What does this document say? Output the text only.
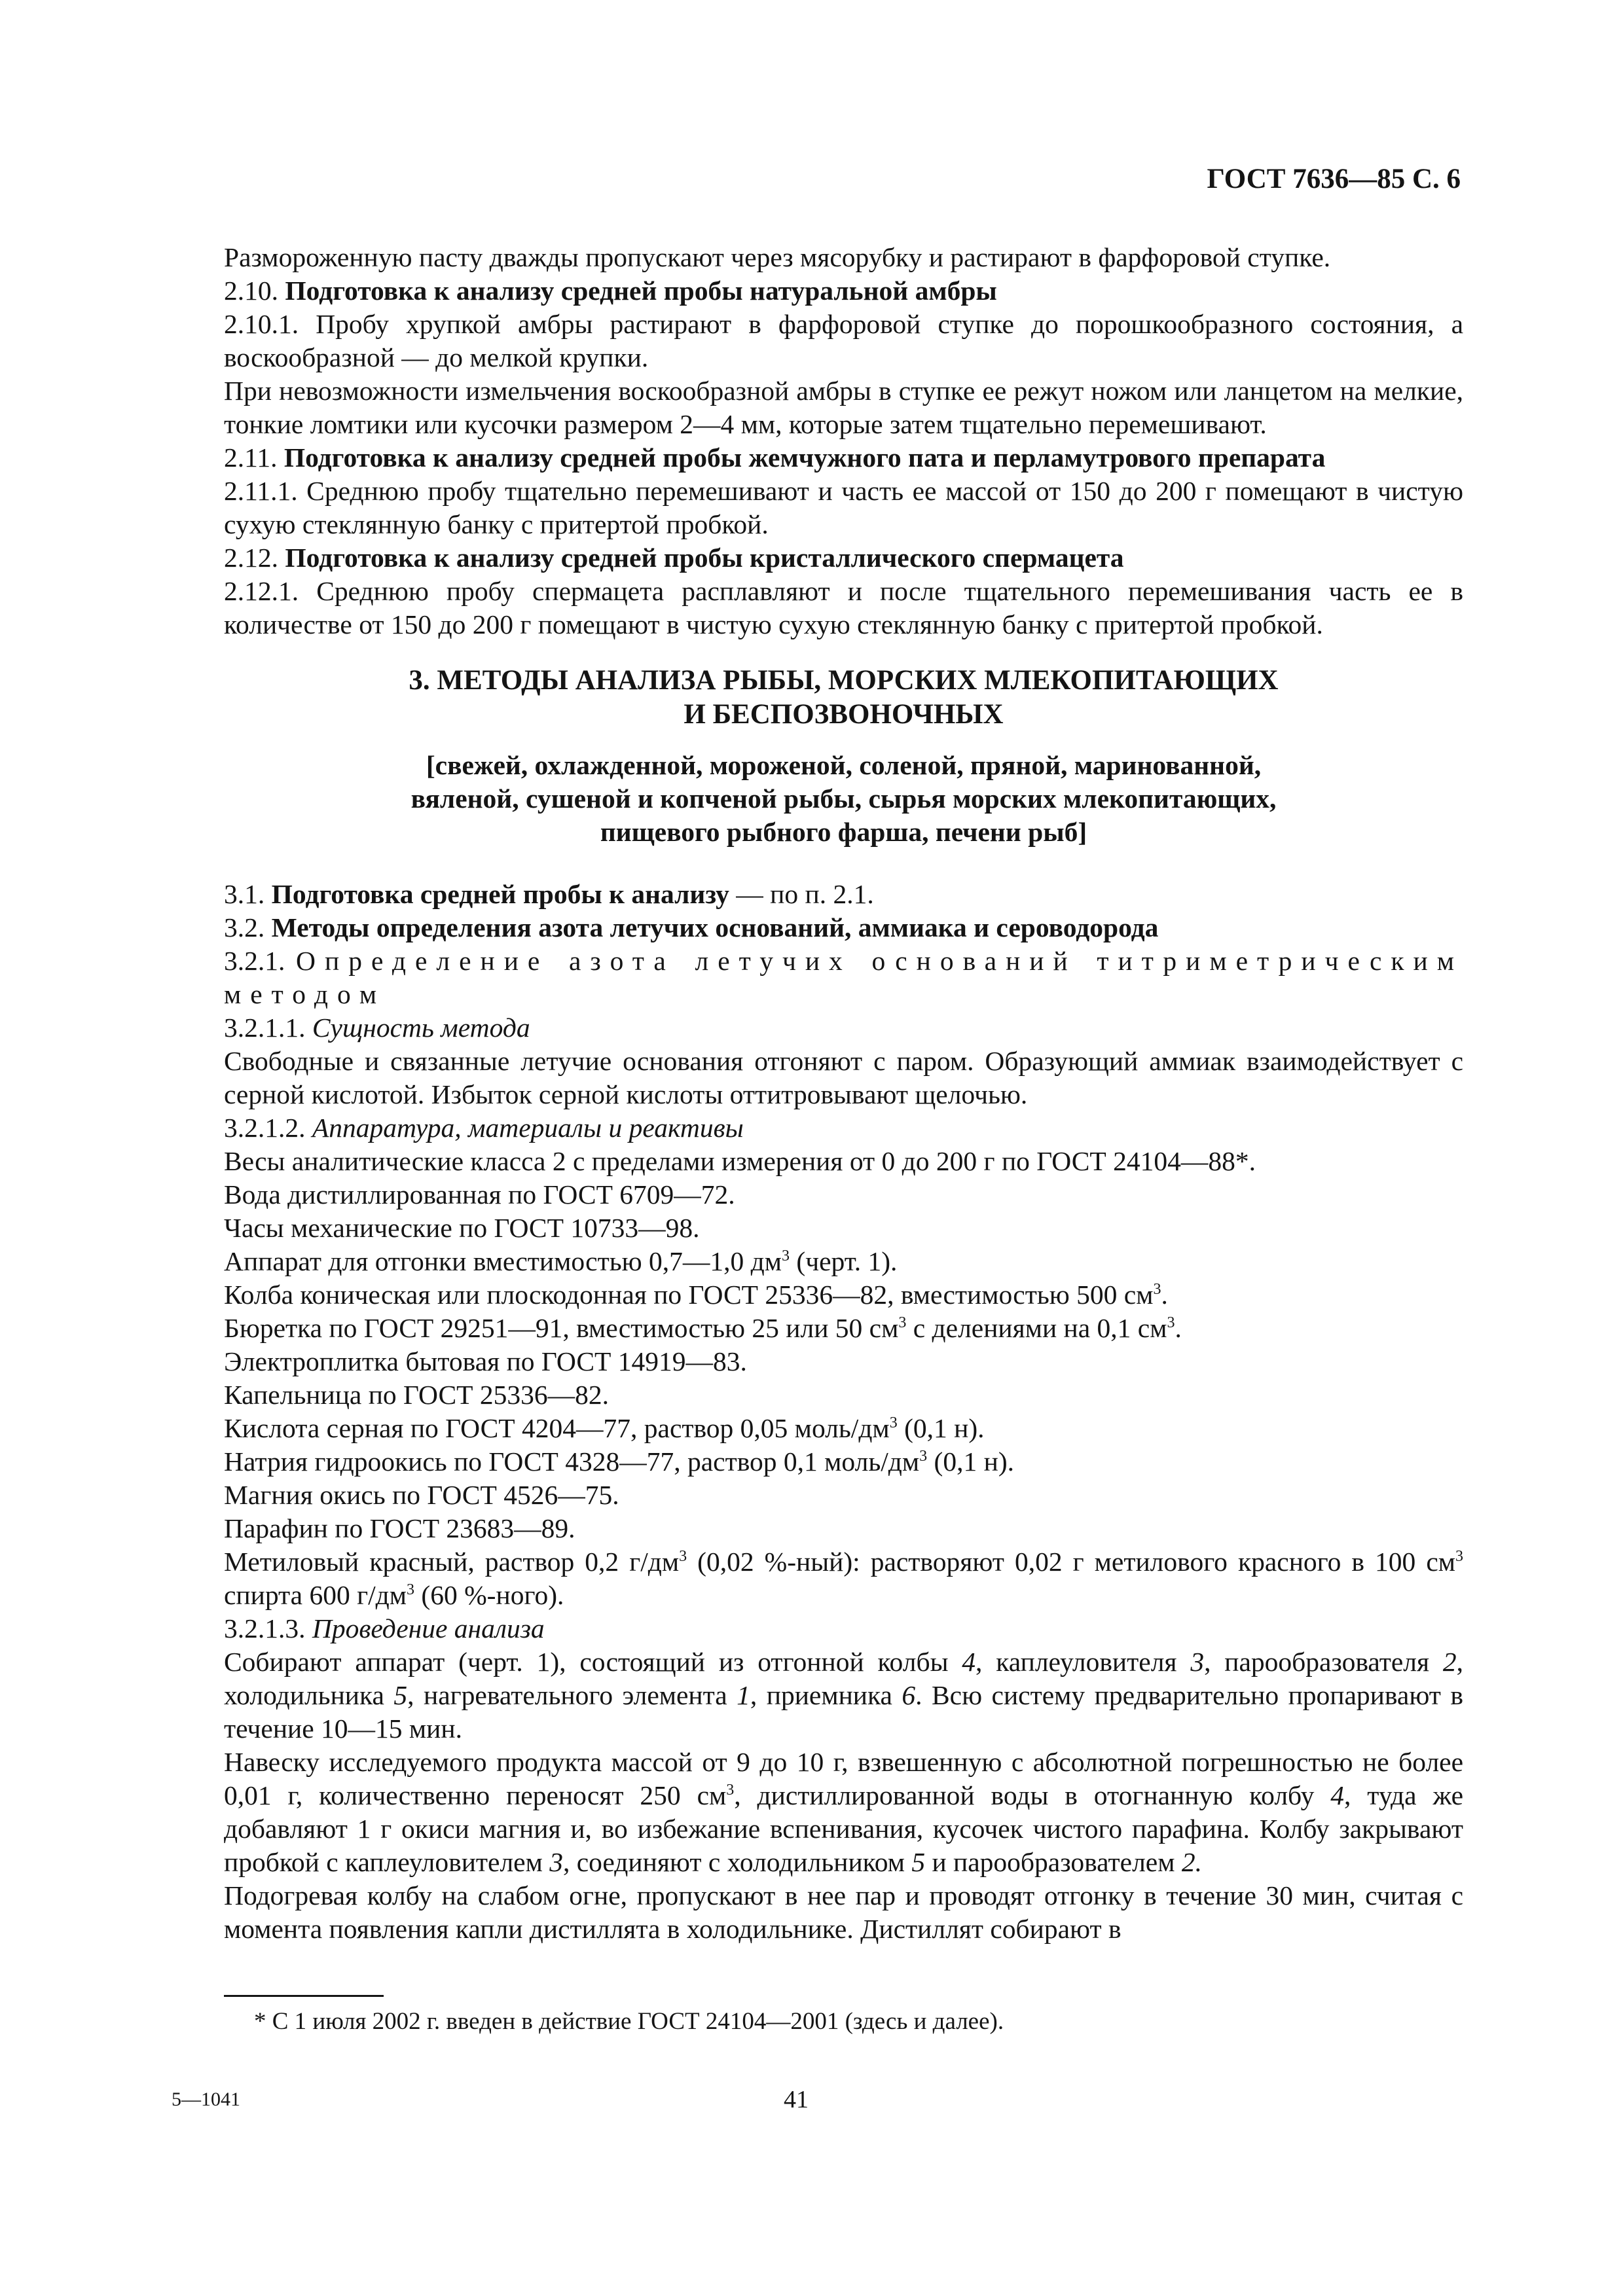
ГОСТ 7636—85 С. 6

Размороженную пасту дважды пропускают через мясорубку и растирают в фарфоровой ступке.

2.10. Подготовка к анализу средней пробы натуральной амбры

2.10.1. Пробу хрупкой амбры растирают в фарфоровой ступке до порошкообразного состояния, а воскообразной — до мелкой крупки.

При невозможности измельчения воскообразной амбры в ступке ее режут ножом или ланцетом на мелкие, тонкие ломтики или кусочки размером 2—4 мм, которые затем тщательно перемешивают.

2.11. Подготовка к анализу средней пробы жемчужного пата и перламутрового препарата

2.11.1. Среднюю пробу тщательно перемешивают и часть ее массой от 150 до 200 г помещают в чистую сухую стеклянную банку с притертой пробкой.

2.12. Подготовка к анализу средней пробы кристаллического спермацета

2.12.1. Среднюю пробу спермацета расплавляют и после тщательного перемешивания часть ее в количестве от 150 до 200 г помещают в чистую сухую стеклянную банку с притертой пробкой.

3. МЕТОДЫ АНАЛИЗА РЫБЫ, МОРСКИХ МЛЕКОПИТАЮЩИХ
И БЕСПОЗВОНОЧНЫХ
[свежей, охлажденной, мороженой, соленой, пряной, маринованной,
вяленой, сушеной и копченой рыбы, сырья морских млекопитающих,
пищевого рыбного фарша, печени рыб]

3.1. Подготовка средней пробы к анализу — по п. 2.1.

3.2. Методы определения азота летучих оснований, аммиака и сероводорода

3.2.1. Определение азота летучих оснований титриметрическим методом

3.2.1.1. Сущность метода

Свободные и связанные летучие основания отгоняют с паром. Образующий аммиак взаимодействует с серной кислотой. Избыток серной кислоты оттитровывают щелочью.

3.2.1.2. Аппаратура, материалы и реактивы

Весы аналитические класса 2 с пределами измерения от 0 до 200 г по ГОСТ 24104—88*.

Вода дистиллированная по ГОСТ 6709—72.

Часы механические по ГОСТ 10733—98.

Аппарат для отгонки вместимостью 0,7—1,0 $дм^3$ (черт. 1).

Колба коническая или плоскодонная по ГОСТ 25336—82, вместимостью 500 $см^3$.

Бюретка по ГОСТ 29251—91, вместимостью 25 или 50 $см^3$ с делениями на 0,1 $см^3$.

Электроплитка бытовая по ГОСТ 14919—83.

Капельница по ГОСТ 25336—82.

Кислота серная по ГОСТ 4204—77, раствор 0,05 моль/$дм^3$ (0,1 н).

Натрия гидроокись по ГОСТ 4328—77, раствор 0,1 моль/$дм^3$ (0,1 н).

Магния окись по ГОСТ 4526—75.

Парафин по ГОСТ 23683—89.

Метиловый красный, раствор 0,2 $г/дм^3$ (0,02 %-ный): растворяют 0,02 г метилового красного в 100 $см^3$ спирта 600 $г/дм^3$ (60 %-ного).

3.2.1.3. Проведение анализа

Собирают аппарат (черт. 1), состоящий из отгонной колбы 4, каплеуловителя 3, парообразователя 2, холодильника 5, нагревательного элемента 1, приемника 6. Всю систему предварительно пропаривают в течение 10—15 мин.

Навеску исследуемого продукта массой от 9 до 10 г, взвешенную с абсолютной погрешностью не более 0,01 г, количественно переносят 250 $см^3$, дистиллированной воды в отогнанную колбу 4, туда же добавляют 1 г окиси магния и, во избежание вспенивания, кусочек чистого парафина. Колбу закрывают пробкой с каплеуловителем 3, соединяют с холодильником 5 и парообразователем 2.

Подогревая колбу на слабом огне, пропускают в нее пар и проводят отгонку в течение 30 мин, считая с момента появления капли дистиллята в холодильнике. Дистиллят собирают в

* С 1 июля 2002 г. введен в действие ГОСТ 24104—2001 (здесь и далее).
5—1041	41
